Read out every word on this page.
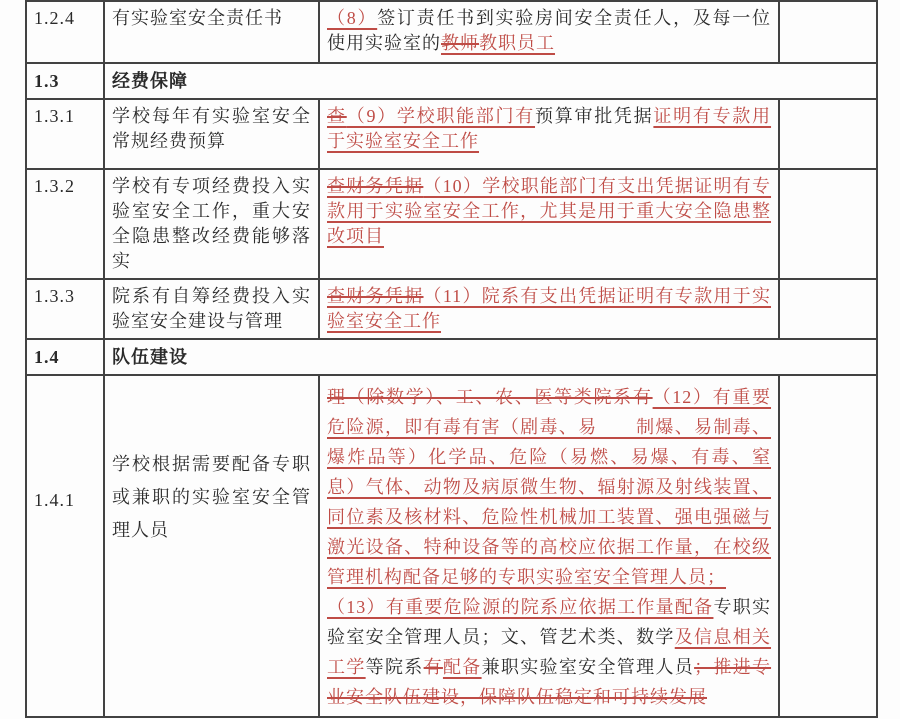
1.2.4	有实验室安全责任书	（8）签订责任书到实验房间安全责任人，及每一位使用实验室的教师教职员工	
1.3	经费保障		
1.3.1	学校每年有实验室安全常规经费预算	查（9）学校职能部门有预算审批凭据证明有专款用于实验室安全工作	
1.3.2	学校有专项经费投入实验室安全工作，重大安全隐患整改经费能够落实	查财务凭据（10）学校职能部门有支出凭据证明有专款用于实验室安全工作，尤其是用于重大安全隐患整改项目	
1.3.3	院系有自筹经费投入实验室安全建设与管理	查财务凭据（11）院系有支出凭据证明有专款用于实验室安全工作	
1.4	队伍建设		
1.4.1	学校根据需要配备专职或兼职的实验室安全管理人员	理（除数学）、工、农、医等类院系有（12）有重要危险源，即有毒有害（剧毒、易　　制爆、易制毒、爆炸品等）化学品、危险（易燃、易爆、有毒、窒息）气体、动物及病原微生物、辐射源及射线装置、同位素及核材料、危险性机械加工装置、强电强磁与激光设备、特种设备等的高校应依据工作量，在校级管理机构配备足够的专职实验室安全管理人员；
（13）有重要危险源的院系应依据工作量配备专职实验室安全管理人员；文、管艺术类、数学及信息相关工学等院系有配备兼职实验室安全管理人员；推进专业安全队伍建设，保障队伍稳定和可持续发展	
